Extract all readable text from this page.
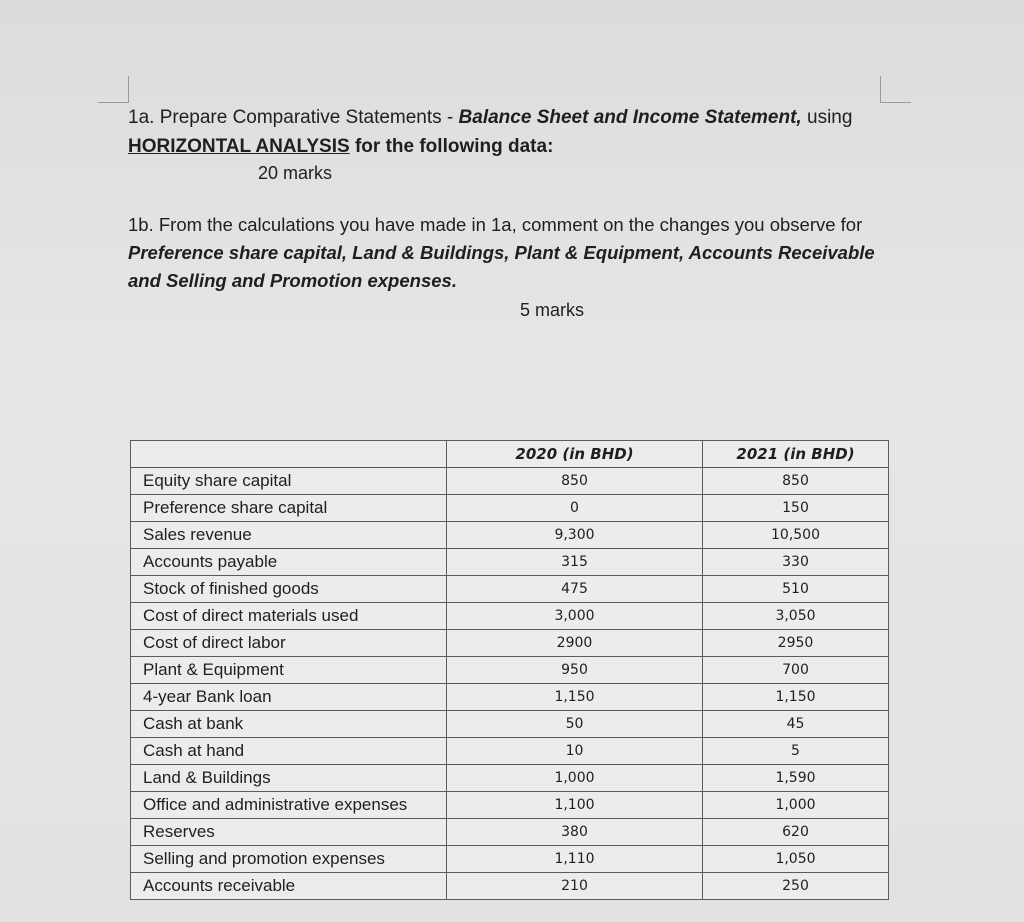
1a. Prepare Comparative Statements - Balance Sheet and Income Statement, using
HORIZONTAL ANALYSIS for the following data:
20 marks
1b. From the calculations you have made in 1a, comment on the changes you observe for Preference share capital, Land & Buildings, Plant & Equipment, Accounts Receivable and Selling and Promotion expenses.
5 marks
	2020 (in BHD)	2021 (in BHD)
Equity share capital	850	850
Preference share capital	0	150
Sales revenue	9,300	10,500
Accounts payable	315	330
Stock of finished goods	475	510
Cost of direct materials used	3,000	3,050
Cost of direct labor	2900	2950
Plant & Equipment	950	700
4-year Bank loan	1,150	1,150
Cash at bank	50	45
Cash at hand	10	5
Land & Buildings	1,000	1,590
Office and administrative expenses	1,100	1,000
Reserves	380	620
Selling and promotion expenses	1,110	1,050
Accounts receivable	210	250
